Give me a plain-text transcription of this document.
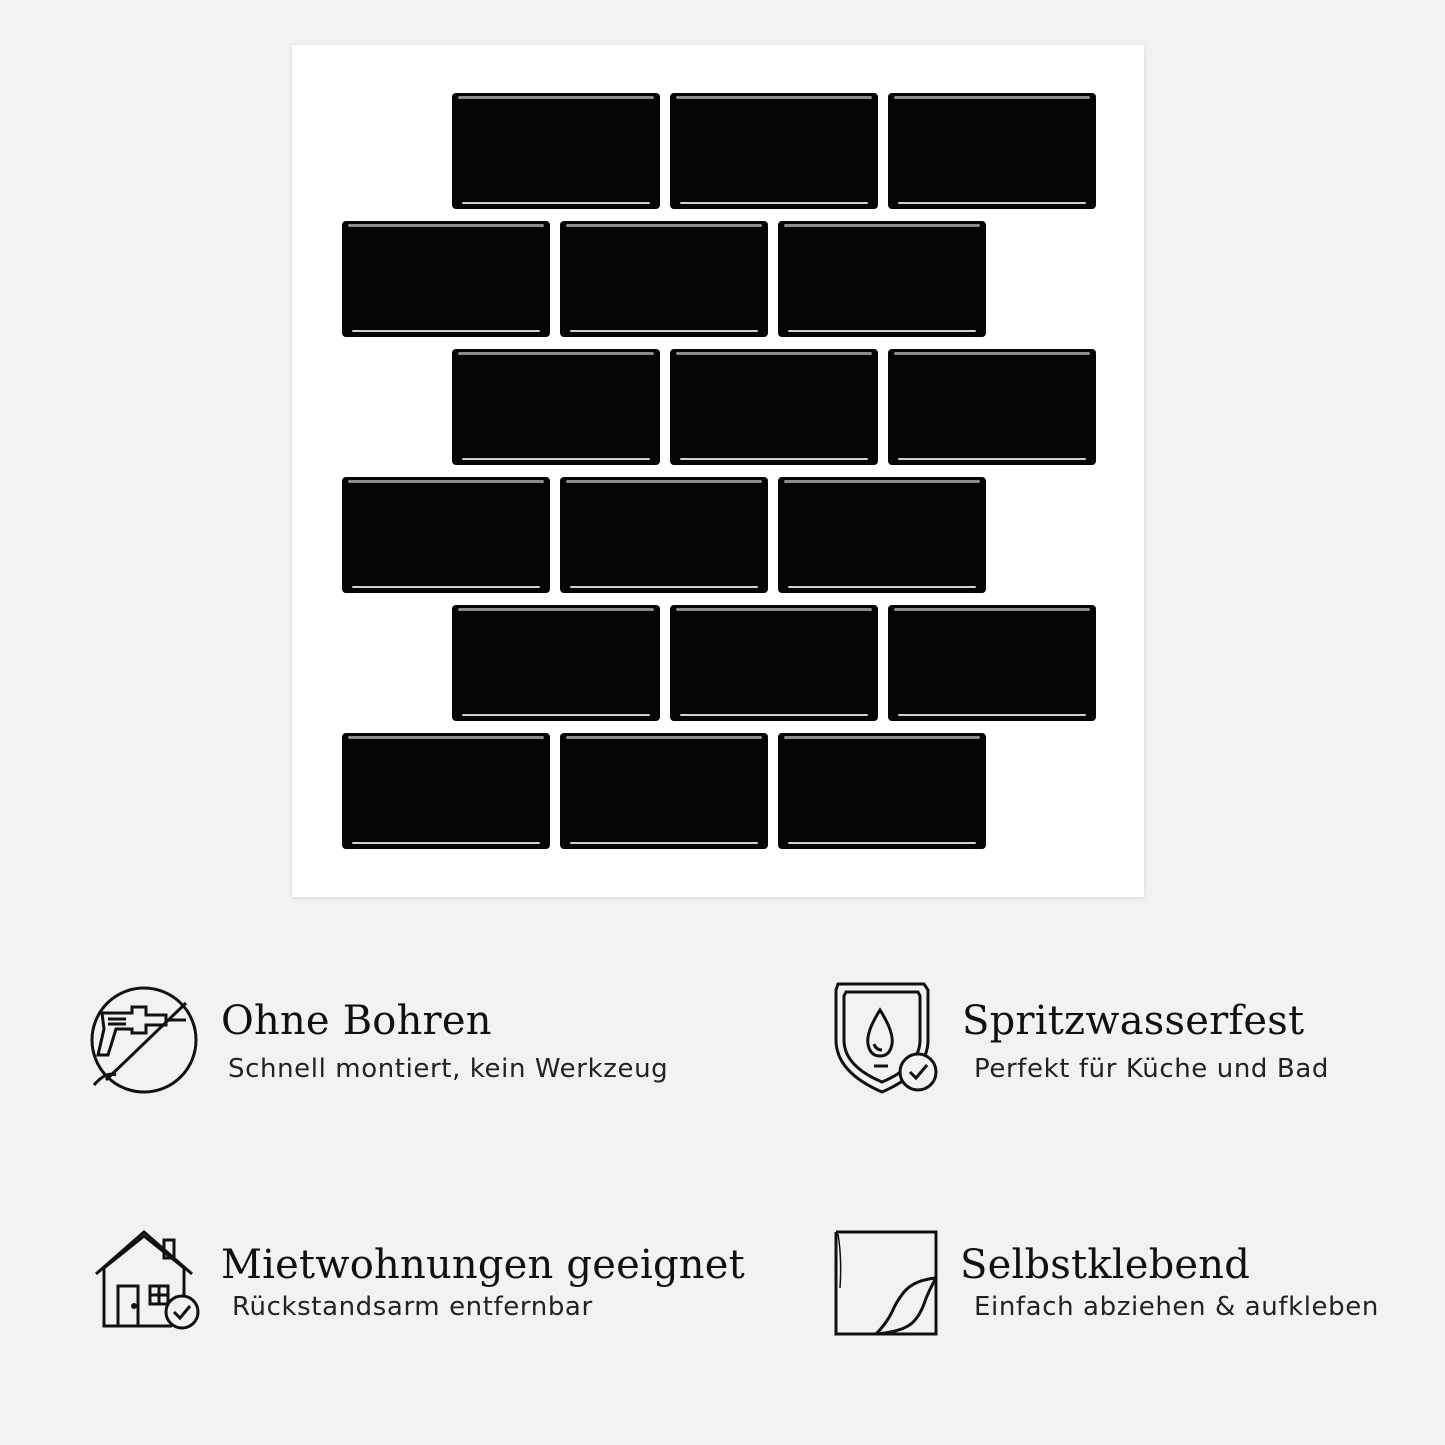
Ohne Bohren
Schnell montiert, kein Werkzeug
Spritzwasserfest
Perfekt für Küche und Bad
Mietwohnungen geeignet
Rückstandsarm entfernbar
Selbstklebend
Einfach abziehen & aufkleben
